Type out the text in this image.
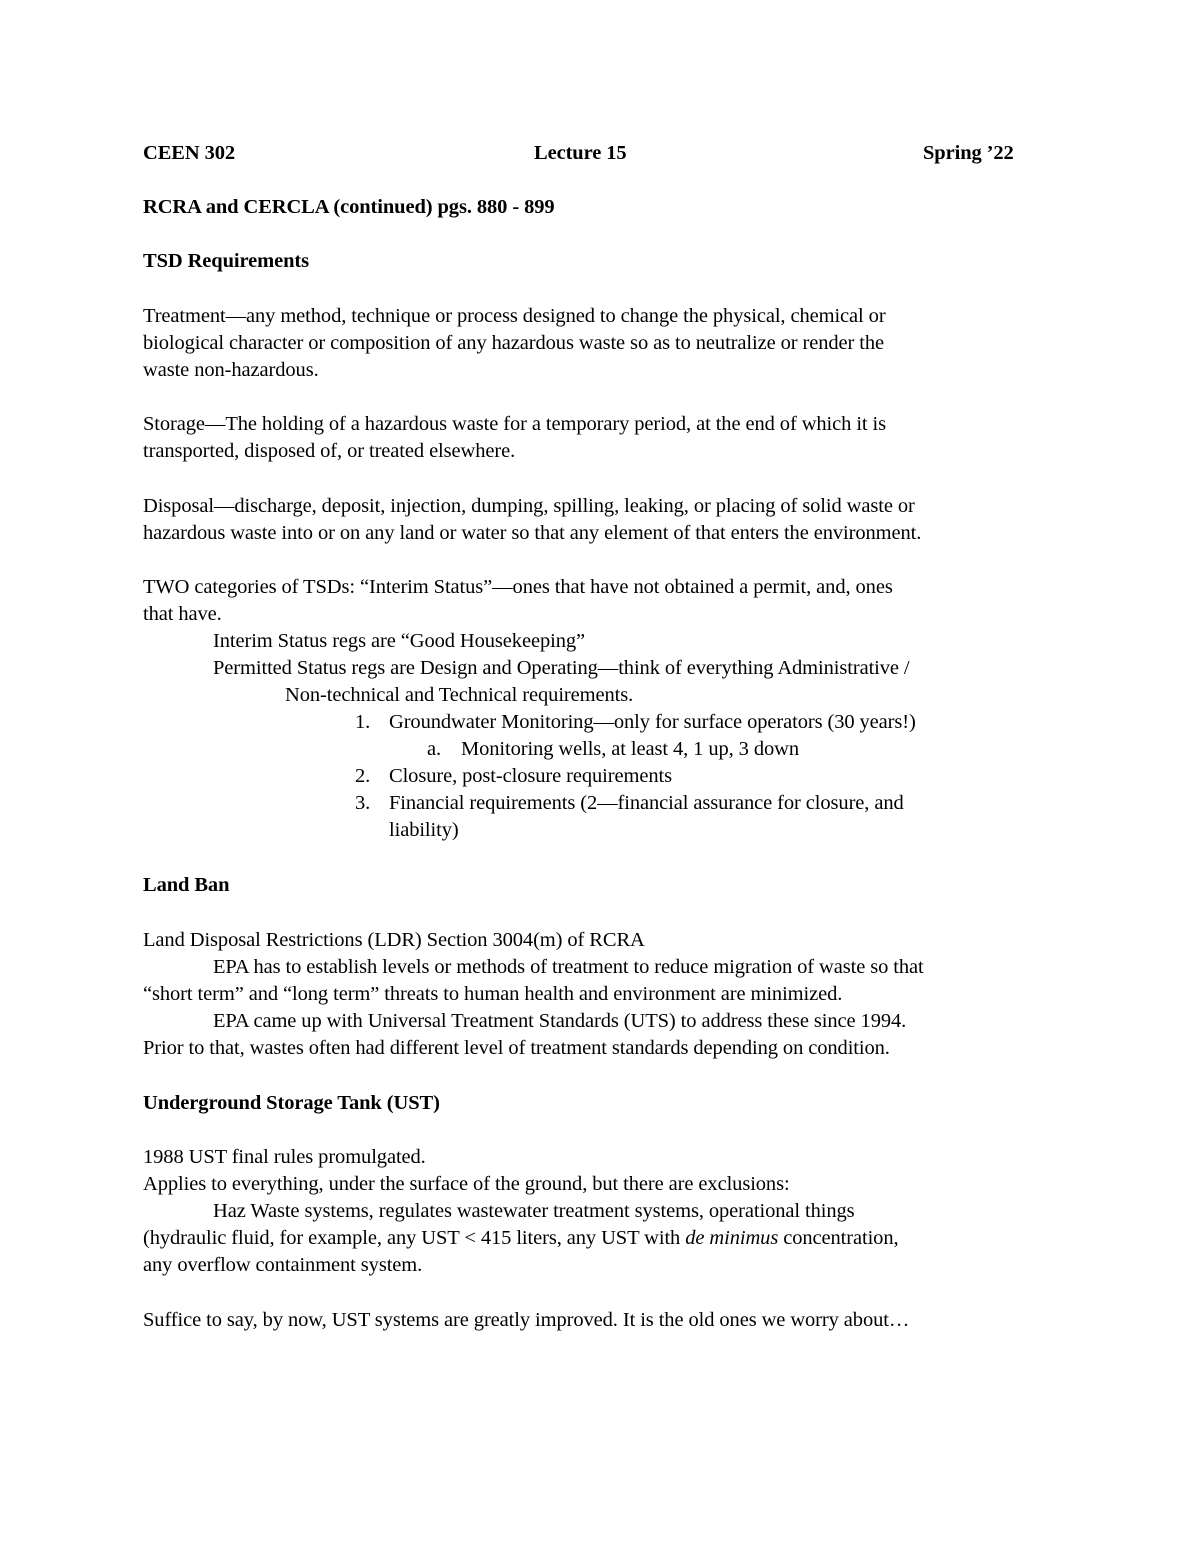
CEEN 302	Lecture 15	Spring ’22
RCRA and CERCLA (continued) pgs. 880 - 899
TSD Requirements
Treatment—any method, technique or process designed to change the physical, chemical or
biological character or composition of any hazardous waste so as to neutralize or render the
waste non-hazardous.
Storage—The holding of a hazardous waste for a temporary period, at the end of which it is
transported, disposed of, or treated elsewhere.
Disposal—discharge, deposit, injection, dumping, spilling, leaking, or placing of solid waste or
hazardous waste into or on any land or water so that any element of that enters the environment.
TWO categories of TSDs: “Interim Status”—ones that have not obtained a permit, and, ones
that have.
Interim Status regs are “Good Housekeeping”
Permitted Status regs are Design and Operating—think of everything Administrative /
Non-technical and Technical requirements.
1. Groundwater Monitoring—only for surface operators (30 years!)
a. Monitoring wells, at least 4, 1 up, 3 down
2. Closure, post-closure requirements
3. Financial requirements (2—financial assurance for closure, and
liability)
Land Ban
Land Disposal Restrictions (LDR) Section 3004(m) of RCRA
EPA has to establish levels or methods of treatment to reduce migration of waste so that
“short term” and “long term” threats to human health and environment are minimized.
EPA came up with Universal Treatment Standards (UTS) to address these since 1994.
Prior to that, wastes often had different level of treatment standards depending on condition.
Underground Storage Tank (UST)
1988 UST final rules promulgated.
Applies to everything, under the surface of the ground, but there are exclusions:
Haz Waste systems, regulates wastewater treatment systems, operational things
(hydraulic fluid, for example, any UST < 415 liters, any UST with de minimus concentration,
any overflow containment system.
Suffice to say, by now, UST systems are greatly improved. It is the old ones we worry about…
